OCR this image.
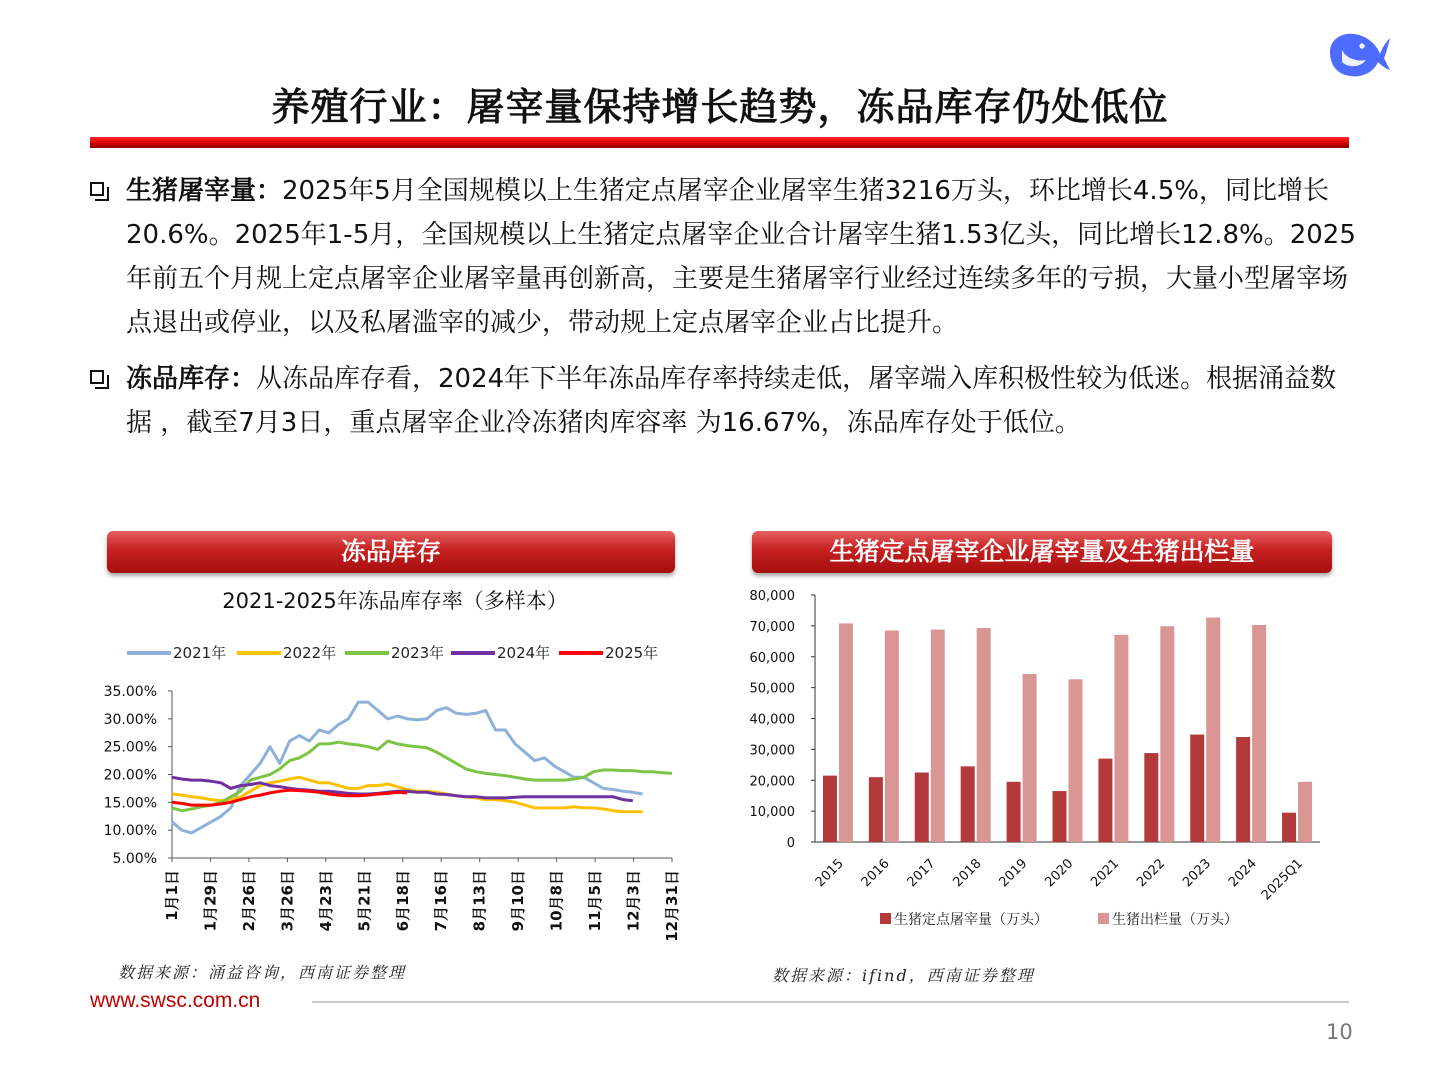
养殖行业：屠宰量保持增长趋势，冻品库存仍处低位
生猪屠宰量：2025年5月全国规模以上生猪定点屠宰企业屠宰生猪3216万头，环比增长4.5%，同比增长20.6%。2025年1-5月，全国规模以上生猪定点屠宰企业合计屠宰生猪1.53亿头，同比增长12.8%。2025年前五个月规上定点屠宰企业屠宰量再创新高，主要是生猪屠宰行业经过连续多年的亏损，大量小型屠宰场点退出或停业，以及私屠滥宰的减少，带动规上定点屠宰企业占比提升。
冻品库存：从冻品库存看，2024年下半年冻品库存率持续走低，屠宰端入库积极性较为低迷。根据涌益数据 ，截至7月3日，重点屠宰企业冷冻猪肉库容率 为16.67%，冻品库存处于低位。
冻品库存
2021-2025年冻品库存率（多样本）
2021年	2022年	2023年	2024年	2025年
35.00%
30.00%
25.00%
20.00%
15.00%
10.00%
5.00%
1月1日 1月29日 2月26日 3月26日 4月23日 5月21日 6月18日 7月16日 8月13日 9月10日 10月8日 11月5日 12月3日 12月31日
数据来源：涌益咨询，西南证券整理
生猪定点屠宰企业屠宰量及生猪出栏量
80,000
70,000
60,000
50,000
40,000
30,000
20,000
10,000
0
2015 2016 2017 2018 2019 2020 2021 2022 2023 2024
2025Q1
生猪定点屠宰量（万头）	生猪出栏量（万头）
数据来源：ifind，西南证券整理
www.swsc.com.cn
10
